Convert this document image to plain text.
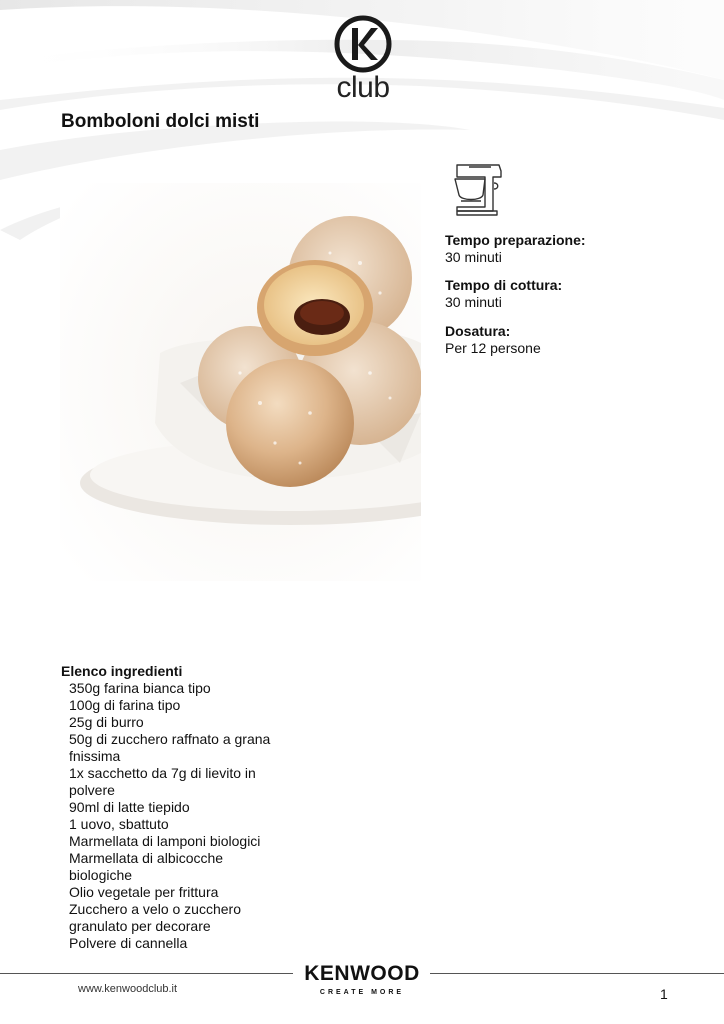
club
Bomboloni dolci misti
Tempo preparazione:
30 minuti
Tempo di cottura:
30 minuti
Dosatura:
Per 12 persone
Elenco ingredienti
350g farina bianca tipo
100g di farina tipo
25g di burro
50g di zucchero raffnato a grana fnissima
1x sacchetto da 7g di lievito in polvere
90ml di latte tiepido
1 uovo, sbattuto
Marmellata di lamponi biologici
Marmellata di albicocche biologiche
Olio vegetale per frittura
Zucchero a velo o zucchero granulato per decorare
Polvere di cannella
KENWOOD
CREATE MORE
www.kenwoodclub.it	1
